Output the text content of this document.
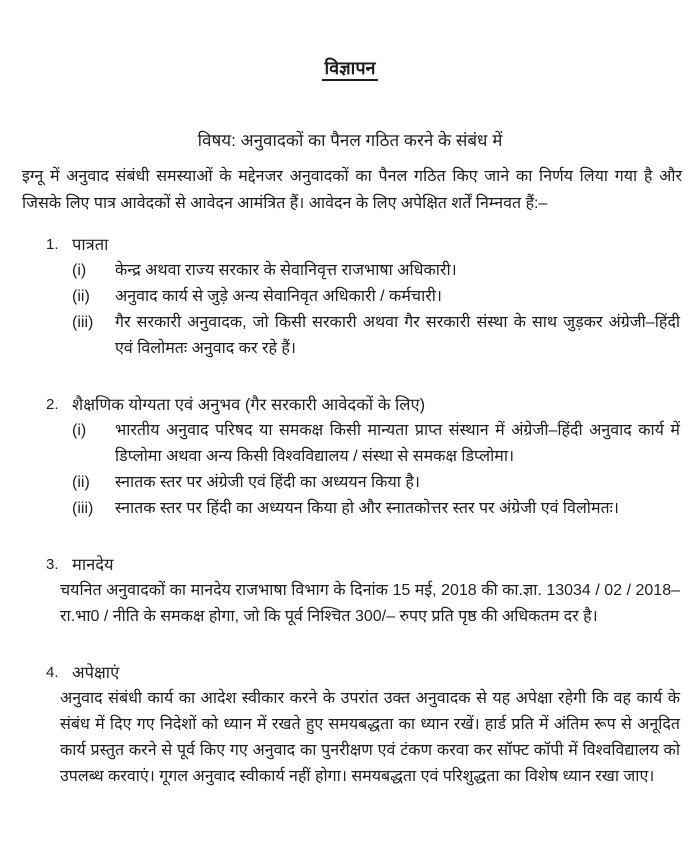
विज्ञापन
विषय: अनुवादकों का पैनल गठित करने के संबंध में
इग्नू में अनुवाद संबंधी समस्याओं के मद्देनजर अनुवादकों का पैनल गठित किए जाने का निर्णय लिया गया है और जिसके लिए पात्र आवेदकों से आवेदन आमंत्रित हैं। आवेदन के लिए अपेक्षित शर्तें निम्नवत हैं:–
1. पात्रता
(i)	केन्द्र अथवा राज्य सरकार के सेवानिवृत्त राजभाषा अधिकारी।
(ii)	अनुवाद कार्य से जुड़े अन्य सेवानिवृत अधिकारी / कर्मचारी।
(iii)	गैर सरकारी अनुवादक, जो किसी सरकारी अथवा गैर सरकारी संस्था के साथ जुड़कर अंग्रेजी–हिंदी एवं विलोमतः अनुवाद कर रहे हैं।
2. शैक्षणिक योग्यता एवं अनुभव (गैर सरकारी आवेदकों के लिए)
(i)	भारतीय अनुवाद परिषद या समकक्ष किसी मान्यता प्राप्त संस्थान में अंग्रेजी–हिंदी अनुवाद कार्य में डिप्लोमा अथवा अन्य किसी विश्वविद्यालय / संस्था से समकक्ष डिप्लोमा।
(ii)	स्नातक स्तर पर अंग्रेजी एवं हिंदी का अध्ययन किया है।
(iii)	स्नातक स्तर पर हिंदी का अध्ययन किया हो और स्नातकोत्तर स्तर पर अंग्रेजी एवं विलोमतः।
3. मानदेय
चयनित अनुवादकों का मानदेय राजभाषा विभाग के दिनांक 15 मई, 2018 की का.ज्ञा. 13034 / 02 / 2018–रा.भा0 / नीति के समकक्ष होगा, जो कि पूर्व निश्चित 300/– रुपए प्रति पृष्ठ की अधिकतम दर है।
4. अपेक्षाएं
अनुवाद संबंधी कार्य का आदेश स्वीकार करने के उपरांत उक्त अनुवादक से यह अपेक्षा रहेगी कि वह कार्य के संबंध में दिए गए निदेशों को ध्यान में रखते हुए समयबद्धता का ध्यान रखें। हार्ड प्रति में अंतिम रूप से अनूदित कार्य प्रस्तुत करने से पूर्व किए गए अनुवाद का पुनरीक्षण एवं टंकण करवा कर सॉफ्ट कॉपी में विश्वविद्यालय को उपलब्ध करवाएं। गूगल अनुवाद स्वीकार्य नहीं होगा। समयबद्धता एवं परिशुद्धता का विशेष ध्यान रखा जाए।
